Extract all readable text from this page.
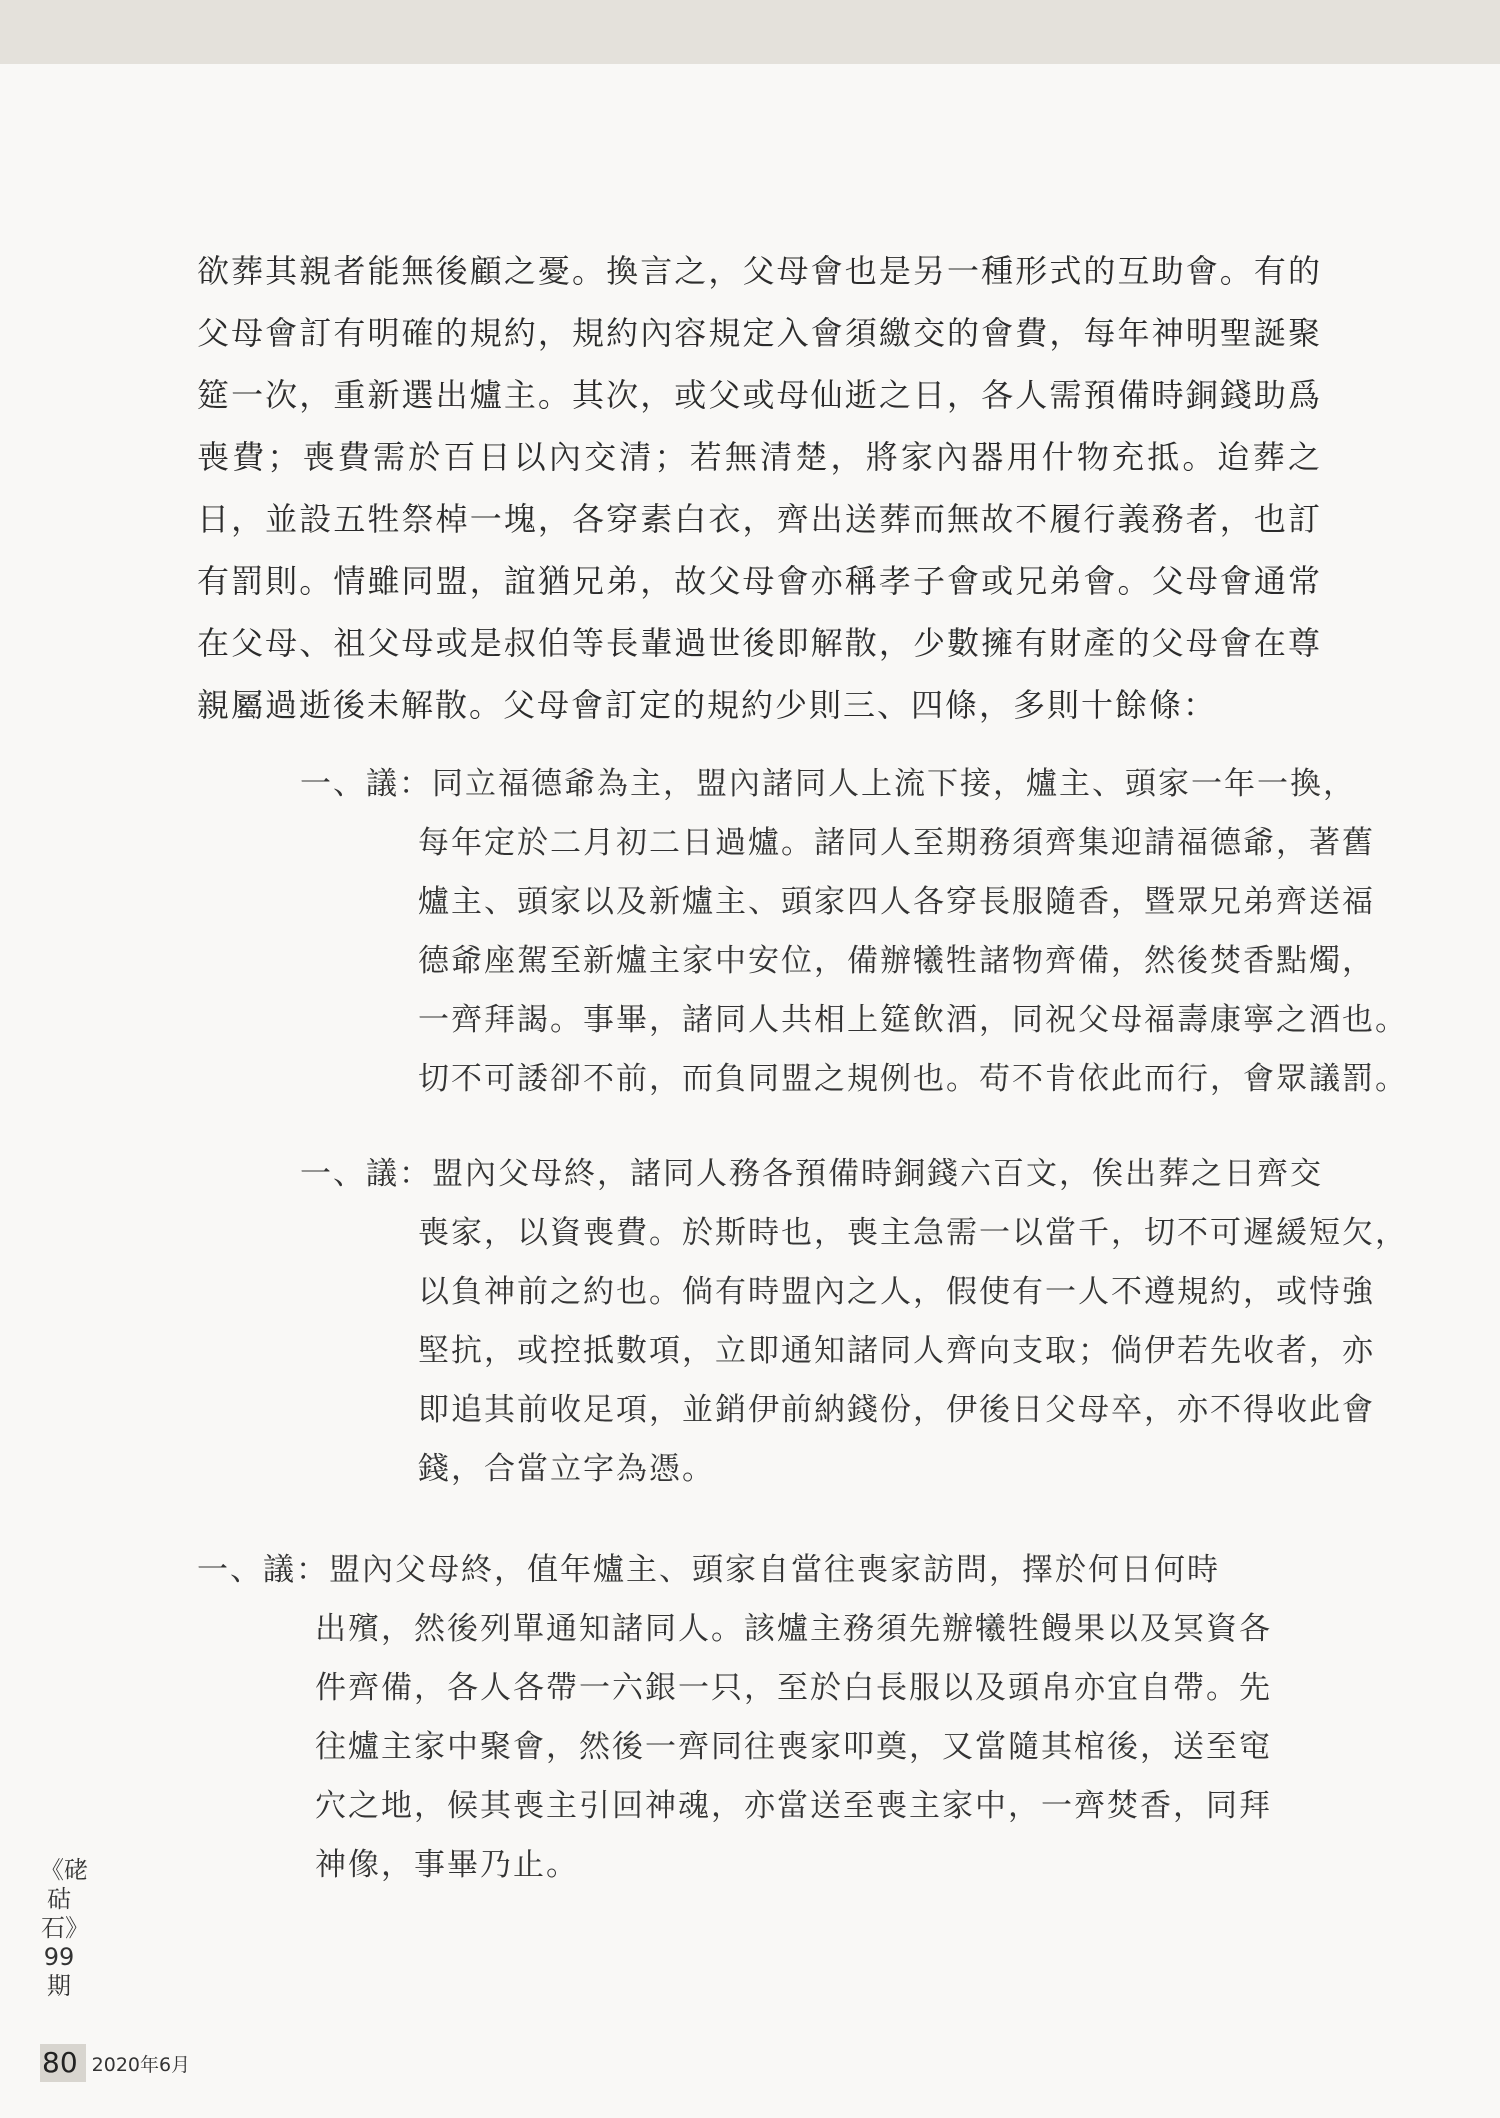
欲葬其親者能無後顧之憂。換言之，父母會也是另一種形式的互助會。有的父母會訂有明確的規約，規約內容規定入會須繳交的會費，每年神明聖誕聚筵一次，重新選出爐主。其次，或父或母仙逝之日，各人需預備時銅錢助爲喪費；喪費需於百日以內交清；若無清楚，將家內器用什物充抵。迨葬之日，並設五牲祭棹一塊，各穿素白衣，齊出送葬而無故不履行義務者，也訂有罰則。情雖同盟，誼猶兄弟，故父母會亦稱孝子會或兄弟會。父母會通常在父母、祖父母或是叔伯等長輩過世後即解散，少數擁有財產的父母會在尊親屬過逝後未解散。父母會訂定的規約少則三、四條，多則十餘條：

一、議：同立福德爺為主，盟內諸同人上流下接，爐主、頭家一年一換，
每年定於二月初二日過爐。諸同人至期務須齊集迎請福德爺，著舊
爐主、頭家以及新爐主、頭家四人各穿長服隨香，暨眾兄弟齊送福
德爺座駕至新爐主家中安位，備辦犧牲諸物齊備，然後焚香點燭，
一齊拜謁。事畢，諸同人共相上筵飲酒，同祝父母福壽康寧之酒也。
切不可諉卻不前，而負同盟之規例也。苟不肯依此而行，會眾議罰。
一、議：盟內父母終，諸同人務各預備時銅錢六百文，俟出葬之日齊交
喪家，以資喪費。於斯時也，喪主急需一以當千，切不可遲緩短欠，
以負神前之約也。倘有時盟內之人，假使有一人不遵規約，或恃強
堅抗，或控抵數項，立即通知諸同人齊向支取；倘伊若先收者，亦
即追其前收足項，並銷伊前納錢份，伊後日父母卒，亦不得收此會
錢，合當立字為憑。
一、議：盟內父母終，值年爐主、頭家自當往喪家訪問，擇於何日何時
出殯，然後列單通知諸同人。該爐主務須先辦犧牲饅果以及冥資各
件齊備，各人各帶一六銀一只，至於白長服以及頭帛亦宜自帶。先
往爐主家中聚會，然後一齊同往喪家叩奠，又當隨其棺後，送至窀
穴之地，候其喪主引回神魂，亦當送至喪主家中，一齊焚香，同拜
神像，事畢乃止。
《硓𥑮石》99期
80 2020年6月
